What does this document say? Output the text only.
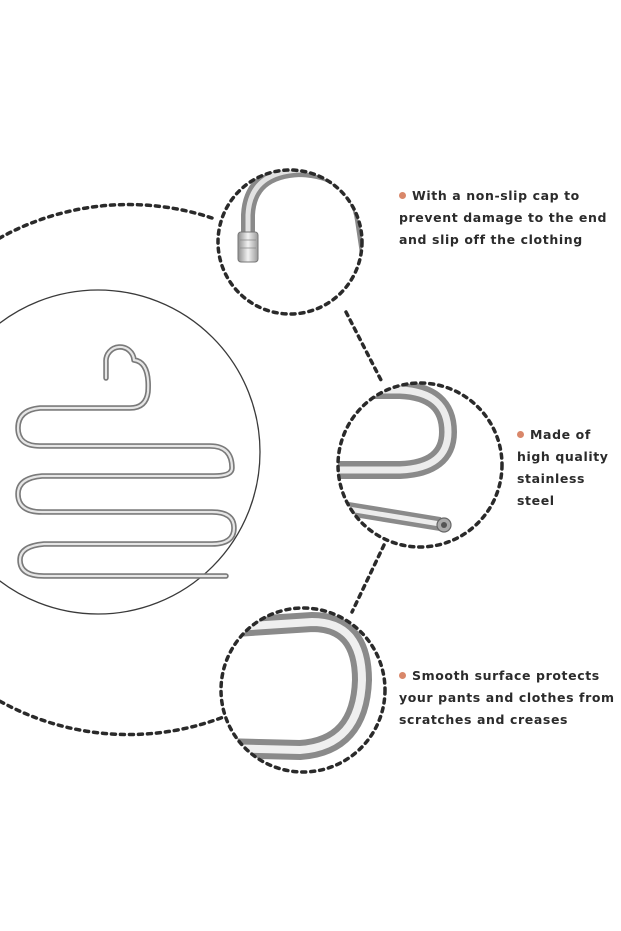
With a non-slip cap to
prevent damage to the end
and slip off the clothing
Made of
high quality
stainless
steel
Smooth surface protects
your pants and clothes from
scratches and creases
